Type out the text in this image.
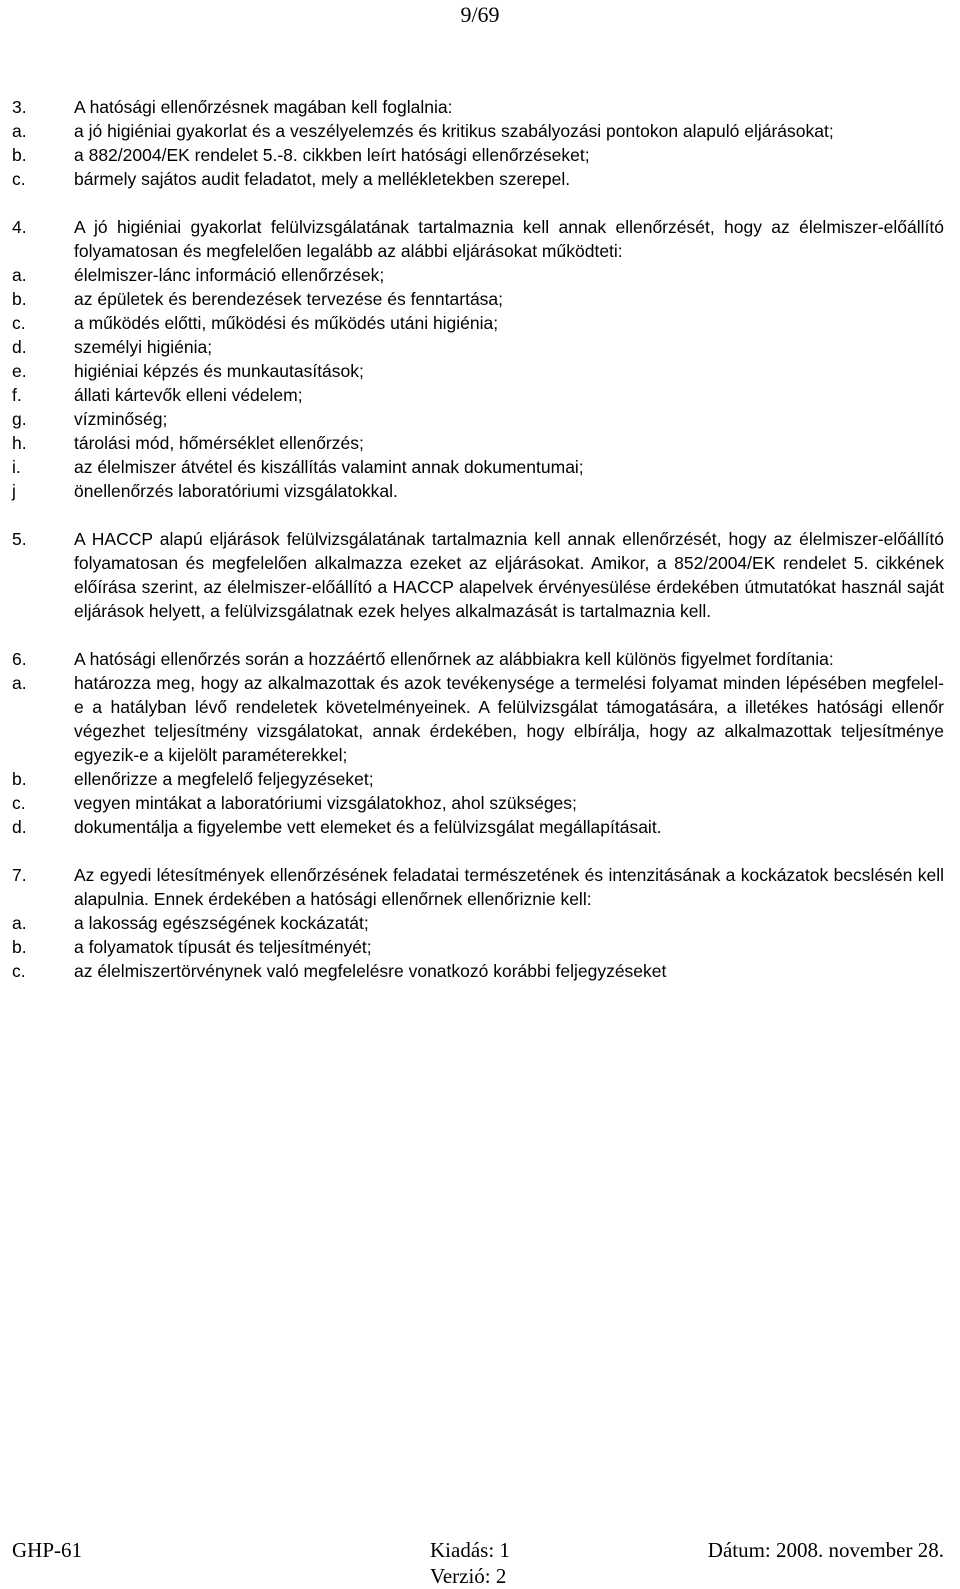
9/69
3.	A hatósági ellenőrzésnek magában kell foglalnia:
a.	a jó higiéniai gyakorlat és a veszélyelemzés és kritikus szabályozási pontokon alapuló eljárásokat;
b.	a 882/2004/EK rendelet 5.-8. cikkben leírt hatósági ellenőrzéseket;
c.	bármely sajátos audit feladatot, mely a mellékletekben szerepel.
4.	A jó higiéniai gyakorlat felülvizsgálatának tartalmaznia kell annak ellenőrzését, hogy az élelmiszer-előállító folyamatosan és megfelelően legalább az alábbi eljárásokat működteti:
a.	élelmiszer-lánc információ ellenőrzések;
b.	az épületek és berendezések tervezése és fenntartása;
c.	a működés előtti, működési és működés utáni higiénia;
d.	személyi higiénia;
e.	higiéniai képzés és munkautasítások;
f.	állati kártevők elleni védelem;
g.	vízminőség;
h.	tárolási mód, hőmérséklet ellenőrzés;
i.	az élelmiszer átvétel és kiszállítás valamint annak dokumentumai;
j	önellenőrzés laboratóriumi vizsgálatokkal.
5.	A HACCP alapú eljárások felülvizsgálatának tartalmaznia kell annak ellenőrzését, hogy az élelmiszer-előállító folyamatosan és megfelelően alkalmazza ezeket az eljárásokat. Amikor, a 852/2004/EK rendelet 5. cikkének előírása szerint, az élelmiszer-előállító a HACCP alapelvek érvényesülése érdekében útmutatókat használ saját eljárások helyett, a felülvizsgálatnak ezek helyes alkalmazását is tartalmaznia kell.
6.	A hatósági ellenőrzés során a hozzáértő ellenőrnek az alábbiakra kell különös figyelmet fordítania:
a.	határozza meg, hogy az alkalmazottak és azok tevékenysége a termelési folyamat minden lépésében megfelel-e a hatályban lévő rendeletek követelményeinek. A felülvizsgálat támogatására, a illetékes hatósági ellenőr végezhet teljesítmény vizsgálatokat, annak érdekében, hogy elbírálja, hogy az alkalmazottak teljesítménye egyezik-e a kijelölt paraméterekkel;
b.	ellenőrizze a megfelelő feljegyzéseket;
c.	vegyen mintákat a laboratóriumi vizsgálatokhoz, ahol szükséges;
d.	dokumentálja a figyelembe vett elemeket és a felülvizsgálat megállapításait.
7.	Az egyedi létesítmények ellenőrzésének feladatai természetének és intenzitásának a kockázatok becslésén kell alapulnia. Ennek érdekében a hatósági ellenőrnek ellenőriznie kell:
a.	a lakosság egészségének kockázatát;
b.	a folyamatok típusát és teljesítményét;
c.	az élelmiszertörvénynek való megfelelésre vonatkozó korábbi feljegyzéseket
GHP-61	Kiadás: 1
Verzió: 2
Dátum: 2008. november 28.
